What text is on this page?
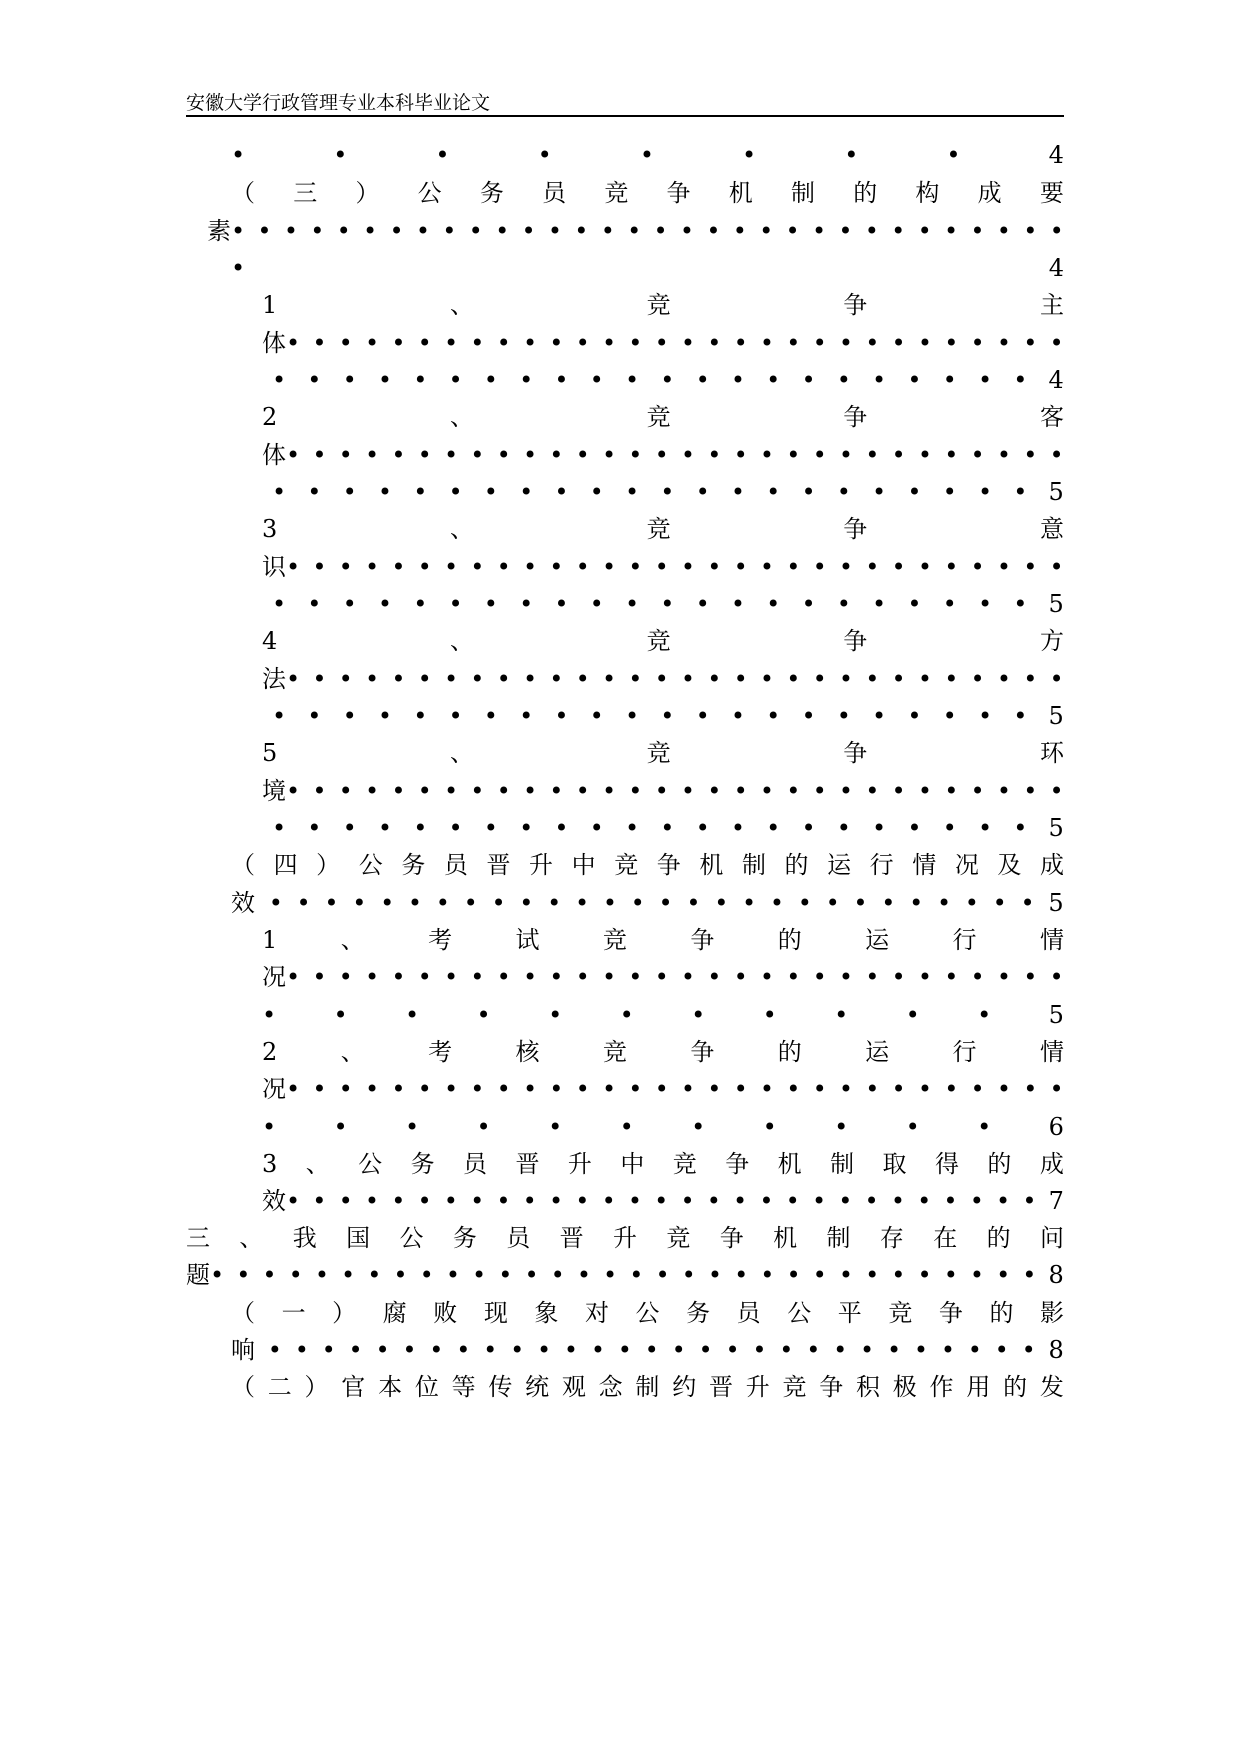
安徽大学行政管理专业本科毕业论文
•	•	•	•	•	•	•	•	4
（ 三 ） 公 务 员 竞 争 机 制 的 构 成 要
素• • • • • • • • • • • • • • • • • • • • • • • • • • • • • • • •
•	4
1	、	竞	争	主
体• • • • • • • • • • • • • • • • • • • • • • • • • • • • • •
• • • • • • • • • • • • • • • • • • • • • • 4
2	、	竞	争	客
体• • • • • • • • • • • • • • • • • • • • • • • • • • • • • •
• • • • • • • • • • • • • • • • • • • • • • 5
3	、	竞	争	意
识• • • • • • • • • • • • • • • • • • • • • • • • • • • • • •
• • • • • • • • • • • • • • • • • • • • • • 5
4	、	竞	争	方
法• • • • • • • • • • • • • • • • • • • • • • • • • • • • • •
• • • • • • • • • • • • • • • • • • • • • • 5
5	、	竞	争	环
境• • • • • • • • • • • • • • • • • • • • • • • • • • • • • •
• • • • • • • • • • • • • • • • • • • • • • 5
（ 四 ） 公 务 员 晋 升 中 竞 争 机 制 的 运 行 情 况 及 成
效 • • • • • • • • • • • • • • • • • • • • • • • • • • • • 5
1	、	考	试	竞	争	的	运	行	情
况• • • • • • • • • • • • • • • • • • • • • • • • • • • • • •
• • • • • • • • • • • 5
2	、	考	核	竞	争	的	运	行	情
况• • • • • • • • • • • • • • • • • • • • • • • • • • • • • •
• • • • • • • • • • • 6
3 、 公 务 员 晋 升 中 竞 争 机 制 取 得 的 成
效• • • • • • • • • • • • • • • • • • • • • • • • • • • • • 7
三 、 我 国 公 务 员 晋 升 竞 争 机 制 存 在 的 问
题• • • • • • • • • • • • • • • • • • • • • • • • • • • • • • • • 8
（ 一 ） 腐 败 现 象 对 公 务 员 公 平 竞 争 的 影
响 • • • • • • • • • • • • • • • • • • • • • • • • • • • • • 8
（ 二 ） 官 本 位 等 传 统 观 念 制 约 晋 升 竞 争 积 极 作 用 的 发
